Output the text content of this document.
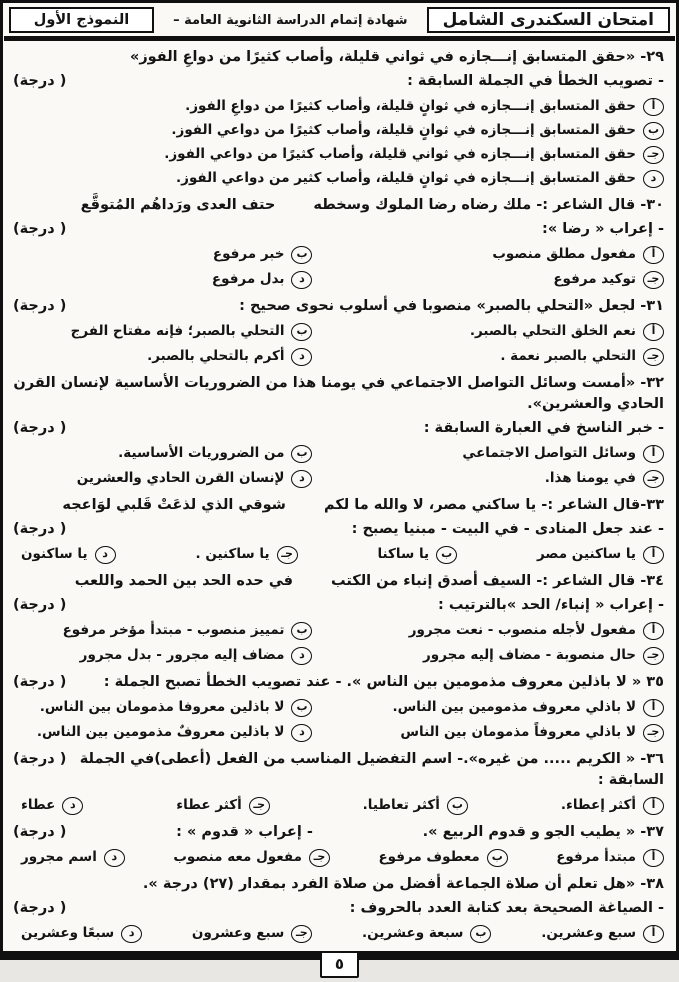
امتحان السكندرى الشامل
شهادة إتمام الدراسة الثانوية العامة –
النموذج الأول
٢٩- «حقق المتسابق إنـــجازه في ثواني قليلة، وأصاب كثيرًا من دواعِ الفوز»
- تصويب الخطأ في الجملة السابقة :
( درجة)
أ
حقق المتسابق إنـــجازه في ثوانٍ قليلة، وأصاب كثيرًا من دواعِ الفوز.
ب
حقق المتسابق إنـــجازه في ثوانٍ قليلة، وأصاب كثيرًا من دواعي الفوز.
جـ
حقق المتسابق إنـــجازه في ثواني قليلة، وأصاب كثيرًا من دواعي الفوز.
د
حقق المتسابق إنـــجازه في ثوانٍ قليلة، وأصاب كثير من دواعي الفوز.
٣٠- قال الشاعر :- ملك رضاه رضا الملوك وسخطه
حتف العدى ورَداهُم المُتوقَّع
- إعراب « رضا »:
( درجة)
أ
مفعول مطلق منصوب
ب
خبر مرفوع
جـ
توكيد مرفوع
د
بدل مرفوع
٣١- لجعل «التحلي بالصبر» منصوبا في أسلوب نحوى صحيح :
( درجة)
أ
نعم الخلق التحلي بالصبر.
ب
التحلي بالصبر؛ فإنه مفتاح الفرج
جـ
التحلي بالصبر نعمة .
د
أكرم بالتحلي بالصبر.
٣٢- «أمست وسائل التواصل الاجتماعي في يومنا هذا من الضروريات الأساسية لإنسان القرن الحادي والعشرين».
- خبر الناسخ في العبارة السابقة :
( درجة)
أ
وسائل التواصل الاجتماعي
ب
من الضروريات الأساسية.
جـ
في يومنا هذا.
د
لإنسان القرن الحادي والعشرين
٣٣-قال الشاعر :- يا ساكني مصر، لا والله ما لكم
شوقي الذي لذعَتْ قَلبي لوَاعجه
- عند جعل المنادى - في البيت - مبنيا يصبح :
( درجة)
أ
يا ساكنين مصر
ب
يا ساكنا
جـ
يا ساكنين .
د
يا ساكنون
٣٤- قال الشاعر :- السيف أصدق إنباء من الكتب
في حده الحد بين الحمد واللعب
- إعراب « إنباء/ الحد »بالترتيب :
( درجة)
أ
مفعول لأجله منصوب - نعت مجرور
ب
تمييز منصوب - مبتدأ مؤخر مرفوع
جـ
حال منصوبة - مضاف إليه مجرور
د
مضاف إليه مجرور - بدل مجرور
٣٥ « لا باذلين معروف مذمومين بين الناس ». - عند تصويب الخطأ تصبح الجملة :
( درجة)
أ
لا باذلي معروف مذمومين بين الناس.
ب
لا باذلين معروفا مذمومان بين الناس.
جـ
لا باذلي معروفاً مذمومان بين الناس
د
لا باذلين معروفٌ مذمومين بين الناس.
٣٦- « الكريم ..... من غيره».- اسم التفضيل المناسب من الفعل (أعطى)في الجملة السابقة :
( درجة)
أ
أكثر إعطاء.
ب
أكثر تعاطيا.
جـ
أكثر عطاء
د
عطاء
٣٧- « يطيب الجو و قدوم الربيع ».
- إعراب « قدوم » :
( درجة)
أ
مبتدأ مرفوع
ب
معطوف مرفوع
جـ
مفعول معه منصوب
د
اسم مجرور
٣٨- «هل تعلم أن صلاة الجماعة أفضل من صلاة الفرد بمقدار (٢٧) درجة ».
- الصياغة الصحيحة بعد كتابة العدد بالحروف :
( درجة)
أ
سبع وعشرين.
ب
سبعة وعشرين.
جـ
سبع وعشرون
د
سبعًا وعشرين
٥
